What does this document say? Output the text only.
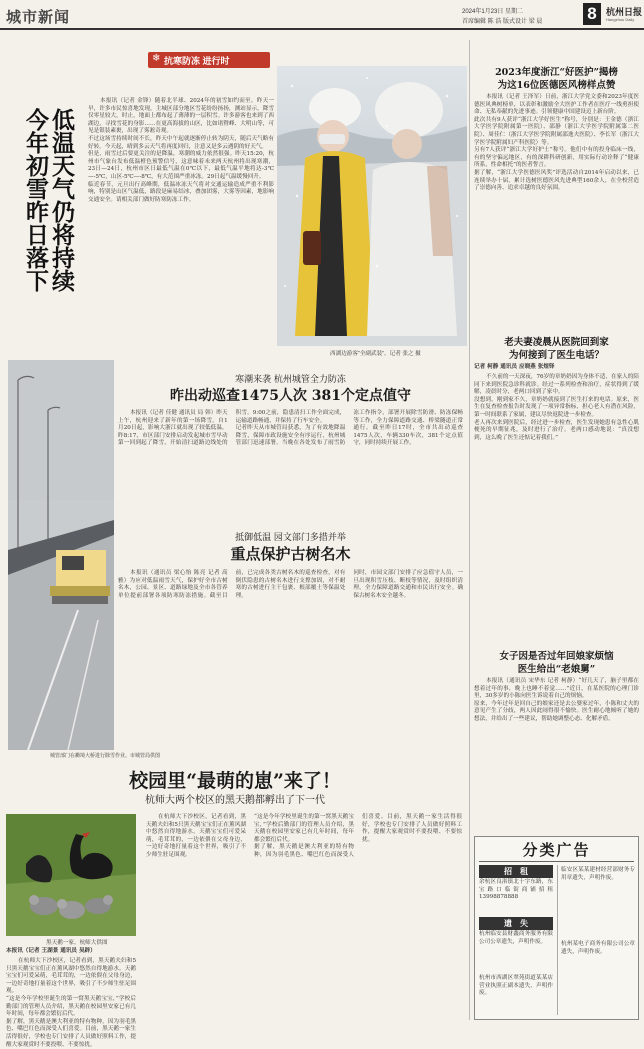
城市新闻	2024年1月23日 星期二
首席编辑 陈 浩 版式设计 梁 晨	8	杭州日报
Hangzhou Daily
❄ 抗寒防冻 进行时
低温天气仍将持续
今年初雪昨日落下
本报讯（记者 金锋）随着北半球、2024年的初雪如约而至。昨天一早，许多市民惊喜地发现，主城区部分地区雪花纷纷扬扬，测站显示，降雪仅零星较大，时止，地面上都布起了薄薄的一层积雪。许多游客也来到了西湖边，寻找雪花的身影……在更高海拔的山区，比如诸暨峰、大明山等，可见是银装素裹，出现了雾凇奇观。
不过这场雪持续时间不长，昨天中午起就逐渐停止转为阴天，随后天气略有好转。今天起，晴到多云天气将再度回归，注意又是多云遇阴的好天气。
但是，雨雪过后要更关注的是降温，寒潮的威力依然很强。昨天15:20，杭州市气象台发布低温橙色预警信号，这意味着未来两天杭州将出现寒潮，23日—24日，杭州市区日最低气温在0℃以下，最低气温平地将达-3℃—-5℃，山区-5℃—-8℃，有大范围严重冰冻。29日起气温缓慢回升。
临近春节，元旦出行高峰期，低温冰冻天气将对交通运输造成严重不利影响，特别是山区气温低，路段是麻易结冰，叠加团雾，大雾等因素，地影响交通安全。请相关部门做好防寒防冻工作。
西湖边游客“全副武装”。记者 张之 摄
城管部门在衢境大桥进行除雪作业。市城管局供图
寒潮来袭 杭州城管全力防冻
昨出动巡查1475人次 381个定点值守
本报讯（记者 佳健 通讯员 局 韩）昨天上午，杭州迎来了新年的第一场降雪。自1月20日起，影响大浙江就出现了较低低温，昨8:17，市区部门安排启动发起城市雪早动第一回到起了降雪，开始清扫道路边线处的积雪。9:00之前，隐患清扫工作全面完成，运输道路畅通，并保持了行车安全。
记者昨天从市城管局获悉，为了有效地降温降雪，保障市政设施安全有序运行，杭州城管部门迅速部署，当晚在各处发布了雨雪防冻工作指令，部署开展除雪防滑、防冻保畅等工作，全力保障道路交通、桥梁隧道正常通行。截至昨日17时，全市共出动巡查1475人次，车辆330车次，381个定点值守，同时持续开展工作。
抵御低温 园文部门多措并举
重点保护古树名木
本报讯（通讯员 梁心怡 陈亮 记者 高雅）为应对低温雨雪天气，保护好全市古树名木，公园、景区、道路绿地及全市各管养单位提前部署各项防寒防冻措施。截至目前，已完成各类古树名木的巡查检查，对有倒伏隐患的古树名木进行支撑加固，对不耐寒的古树进行主干包裹、根部覆土等保温处理。
同时，市园文部门安排了应急值守人员，一旦出现积雪压枝、断枝等情况，及时组织清理，全力保障道路交通和市民出行安全。确保古树名木安全越冬。
校园里“最萌的崽”来了！
杭师大两个校区的黑天鹅都孵出了下一代
黑天鹅一家。杭师大供图
本报讯（记者 王湖景 通讯员 吴辟）
在杭师大下沙校区，记者看到，黑天鹅夫妇和5只黑天鹅宝宝们正在薰风湖中悠然自得地游水。天鹅宝宝们可爱呆萌，毛茸茸的，一边依偎在父母身边，一边好奇地打量着这个世界，吸引了不少师生驻足围观。
“这是今年学校里诞生的第一窝黑天鹅宝宝，”学校后勤部门的管理人员介绍，黑天鹅在校园里安家已有几年时间，每年都会繁衍后代。
据了解，黑天鹅是澳大利亚的特有物种，因为羽毛黑色、嘴巴红色而深受人们喜爱。目前，黑天鹅一家生活得很好，学校也专门安排了人员做好照料工作，提醒大家观赏时不要投喂、不要惊扰。
在杭师大下沙校区，记者看到，黑天鹅夫妇和5只黑天鹅宝宝们正在薰风湖中悠然自得地游水。天鹅宝宝们可爱呆萌，毛茸茸的，一边依偎在父母身边，一边好奇地打量着这个世界，吸引了不少师生驻足围观。
“这是今年学校里诞生的第一窝黑天鹅宝宝，”学校后勤部门的管理人员介绍，黑天鹅在校园里安家已有几年时间，每年都会繁衍后代。
据了解，黑天鹅是澳大利亚的特有物种，因为羽毛黑色、嘴巴红色而深受人们喜爱。目前，黑天鹅一家生活得很好，学校也专门安排了人员做好照料工作，提醒大家观赏时不要投喂、不要惊扰。
2023年度浙江“好医护”揭榜
为这16位医德医风榜样点赞
本报讯（记者 王泽军）日前，浙江大学党文委和2023年度医德医风典树榜单，以表彰和激励全大医护工作者在医疗一线勇担使命、无私奉献的先进事迹。引领健康中国建设迈上新台阶。
此次共有9人获评“浙江大学好医生”称号，分别是：王金德（浙江大学医学院附属第一医院）、邵静（浙江大学医学院附属第二医院）、周佳仁（浙江大学医学院附属邵逸夫医院）、李长军（浙江大学医学院附属妇产科医院）等。
另有7人获评“浙江大学好护士”称号。他们中有的投身临床一线，有的坚守偏远地区，有的深耕科研创新，用实际行动诠释了“健康所系，性命相托”的医者誓言。
据了解，“浙江大学医德医风奖”评选活动自2014年启动以来，已连续举办十届，累计选树医德医风先进典型160余人，在全校营造了崇德向善、追求卓越的良好氛围。
老夫妻凌晨从医院回到家
为何接到了医生电话？
记者 柯静 通讯员 应晓燕 张煜铎
不久前的一天深夜，76岁的章奶奶因为身体不适，在家人的陪同下来到医院急诊科就诊。经过一系列检查和治疗，症状得到了缓解，凌晨时分，老两口回到了家中。
没想到，刚到家不久，章奶奶就接到了医生打来的电话。原来，医生在复查检查报告时发现了一项异常指标，担心老人有潜在风险，第一时间联系了家属，建议尽快返院进一步检查。
老人再次来到医院后，经过进一步检查，医生发现她患有急性心肌梗死的早期征兆，及时进行了治疗。老两口感动地说：“真没想到，这么晚了医生还惦记着我们。”
女子因是否过年回娘家烦恼
医生给出“老娘舅”
本报讯（通讯员 宋华东 记者 柯静）“好几天了，脑子里都在想着过年的事，晚上也睡不着觉……”近日，在某医院的心理门诊里，30多岁的小陈向医生诉说着自己的烦恼。
原来，今年过年是回自己的娘家还是去公婆家过年，小陈和丈夫的意见产生了分歧，两人因此闹得很不愉快。医生耐心地倾听了她的想法，并给出了一些建议，帮助她调整心态、化解矛盾。
分类广告
招　租
余杭区良渚镇北十字东路，东宝路口临街商铺招租 13998878888
遗　失
杭州临安县财鑫商务服务有限公司公章遗失，声明作废。
杭州市西湖区翠苑街道某某店营业执照正副本遗失，声明作废。
临安区某某建材经营部财务专用章遗失，声明作废。
杭州某电子商务有限公司公章遗失，声明作废。
